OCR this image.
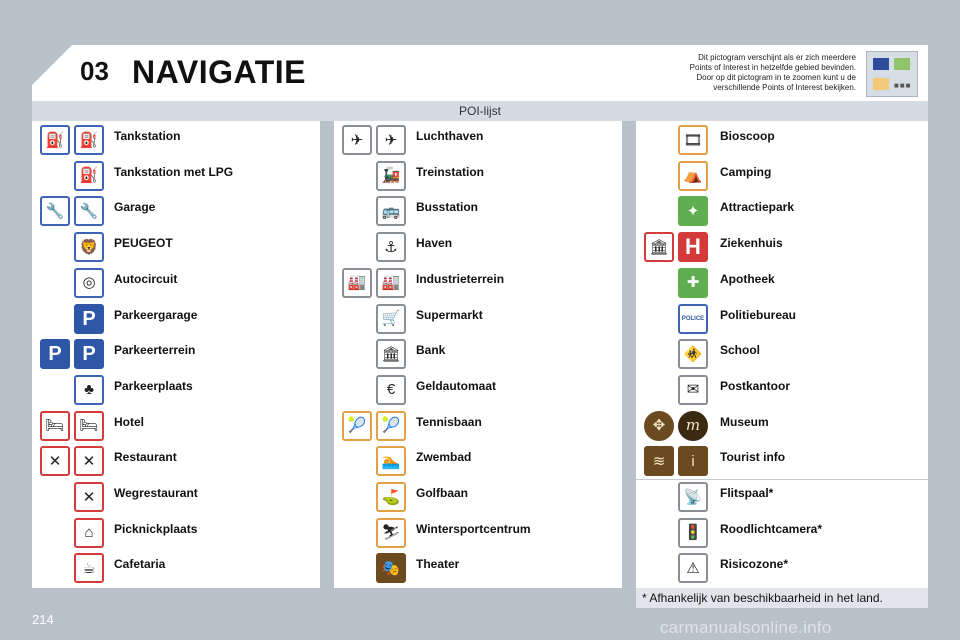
03 NAVIGATIE	Dit pictogram verschijnt als er zich meerdere
Points of Interest in hetzelfde gebied bevinden.
Door op dit pictogram in te zoomen kunt u de
verschillende Points of Interest bekijken.	■■■
POI-lijst
⛽	⛽	Tankstation
⛽	Tankstation met LPG
🔧	🔧	Garage
🦁	PEUGEOT
◎	Autocircuit
P	Parkeergarage
P	P	Parkeerterrein
♣	Parkeerplaats
🛏 🛏	Hotel
✕	✕	Restaurant
✕	Wegrestaurant
⌂	Picknickplaats
☕	Cafetaria
✈	✈	Luchthaven
🚂	Treinstation
🚌	Busstation
⚓	Haven
🏭	🏭	Industrieterrein
🛒	Supermarkt
🏛	Bank
€	Geldautomaat
🎾	🎾	Tennisbaan
🏊	Zwembad
⛳	Golfbaan
⛷	Wintersportcentrum
🎭	Theater
🎞	Bioscoop
⛺	Camping
✦	Attractiepark
🏛 H	Ziekenhuis
✚	Apotheek
POLICE	Politiebureau
🚸	School
✉	Postkantoor
✥	m	Museum
≋	i	Tourist info
📡	Flitspaal*
🚦	Roodlichtcamera*
⚠	Risicozone*
* Afhankelijk van beschikbaarheid in het land.
214	carmanualsonline.info
